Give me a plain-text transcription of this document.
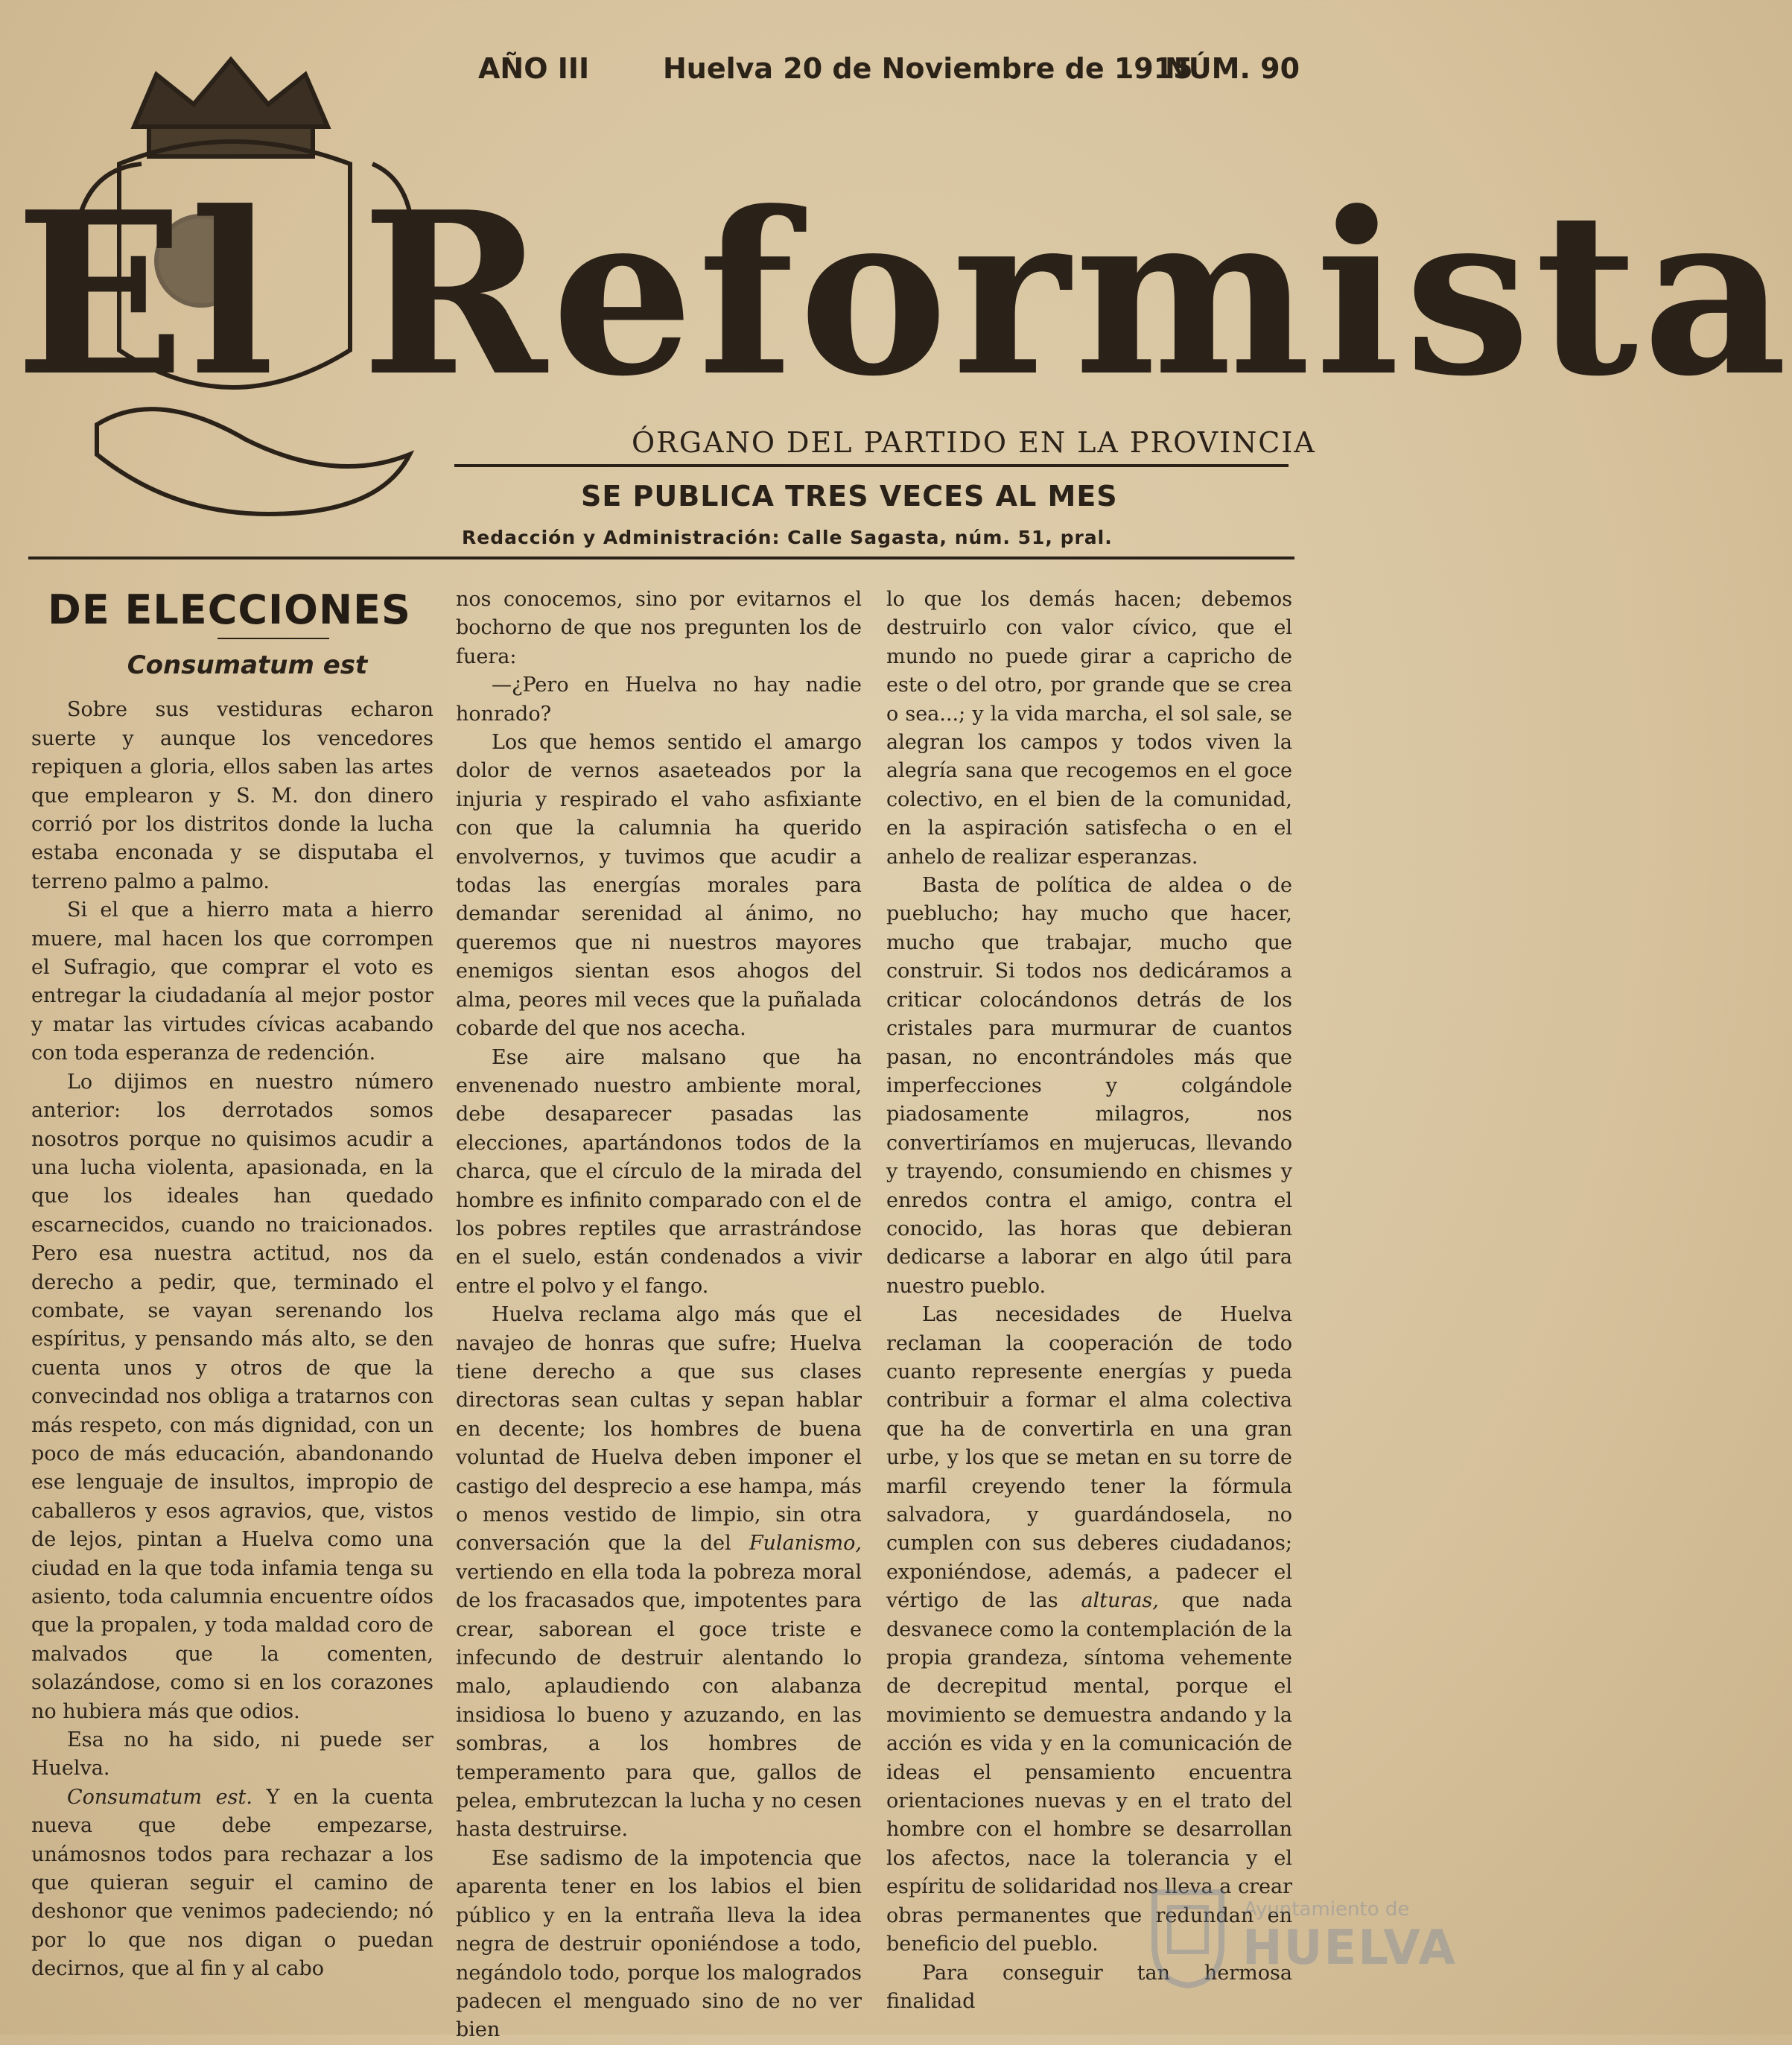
AÑO III	Huelva 20 de Noviembre de 1915
NÚM. 90
El Reformista
ÓRGANO DEL PARTIDO EN LA PROVINCIA
SE PUBLICA TRES VECES AL MES
Redacción y Administración: Calle Sagasta, núm. 51, pral.
DE ELECCIONES
Consumatum est

Sobre sus vestiduras echaron suerte y aunque los vencedores repiquen a gloria, ellos saben las artes que emplearon y S. M. don dinero corrió por los distritos donde la lucha estaba enconada y se disputaba el terreno palmo a palmo.

Si el que a hierro mata a hierro muere, mal hacen los que corrompen el Sufragio, que comprar el voto es entregar la ciudadanía al mejor postor y matar las virtudes cívicas acabando con toda esperanza de redención.

Lo dijimos en nuestro número anterior: los derrotados somos nosotros porque no quisimos acudir a una lucha violenta, apasionada, en la que los ideales han quedado escarnecidos, cuando no traicionados. Pero esa nuestra actitud, nos da derecho a pedir, que, terminado el combate, se vayan serenando los espíritus, y pensando más alto, se den cuenta unos y otros de que la convecindad nos obliga a tratarnos con más respeto, con más dignidad, con un poco de más educación, abandonando ese lenguaje de insultos, impropio de caballeros y esos agravios, que, vistos de lejos, pintan a Huelva como una ciudad en la que toda infamia tenga su asiento, toda calumnia encuentre oídos que la propalen, y toda maldad coro de malvados que la comenten, solazándose, como si en los corazones no hubiera más que odios.

Esa no ha sido, ni puede ser Huelva.

Consumatum est. Y en la cuenta nueva que debe empezarse, unámosnos todos para rechazar a los que quieran seguir el camino de deshonor que venimos padeciendo; nó por lo que nos digan o puedan decirnos, que al fin y al cabo

nos conocemos, sino por evitarnos el bochorno de que nos pregunten los de fuera:

—¿Pero en Huelva no hay nadie honrado?

Los que hemos sentido el amargo dolor de vernos asaeteados por la injuria y respirado el vaho asfixiante con que la calumnia ha querido envolvernos, y tuvimos que acudir a todas las energías morales para demandar serenidad al ánimo, no queremos que ni nuestros mayores enemigos sientan esos ahogos del alma, peores mil veces que la puñalada cobarde del que nos acecha.

Ese aire malsano que ha envenenado nuestro ambiente moral, debe desaparecer pasadas las elecciones, apartándonos todos de la charca, que el círculo de la mirada del hombre es infinito comparado con el de los pobres reptiles que arrastrándose en el suelo, están condenados a vivir entre el polvo y el fango.

Huelva reclama algo más que el navajeo de honras que sufre; Huelva tiene derecho a que sus clases directoras sean cultas y sepan hablar en decente; los hombres de buena voluntad de Huelva deben imponer el castigo del desprecio a ese hampa, más o menos vestido de limpio, sin otra conversación que la del Fulanismo, vertiendo en ella toda la pobreza moral de los fracasados que, impotentes para crear, saborean el goce triste e infecundo de destruir alentando lo malo, aplaudiendo con alabanza insidiosa lo bueno y azuzando, en las sombras, a los hombres de temperamento para que, gallos de pelea, embrutezcan la lucha y no cesen hasta destruirse.

Ese sadismo de la impotencia que aparenta tener en los labios el bien público y en la entraña lleva la idea negra de destruir oponiéndose a todo, negándolo todo, porque los malogrados padecen el menguado sino de no ver bien

lo que los demás hacen; debemos destruirlo con valor cívico, que el mundo no puede girar a capricho de este o del otro, por grande que se crea o sea...; y la vida marcha, el sol sale, se alegran los campos y todos viven la alegría sana que recogemos en el goce colectivo, en el bien de la comunidad, en la aspiración satisfecha o en el anhelo de realizar esperanzas.

Basta de política de aldea o de pueblucho; hay mucho que hacer, mucho que trabajar, mucho que construir. Si todos nos dedicáramos a criticar colocándonos detrás de los cristales para murmurar de cuantos pasan, no encontrándoles más que imperfecciones y colgándole piadosamente milagros, nos convertiríamos en mujerucas, llevando y trayendo, consumiendo en chismes y enredos contra el amigo, contra el conocido, las horas que debieran dedicarse a laborar en algo útil para nuestro pueblo.

Las necesidades de Huelva reclaman la cooperación de todo cuanto represente energías y pueda contribuir a formar el alma colectiva que ha de convertirla en una gran urbe, y los que se metan en su torre de marfil creyendo tener la fórmula salvadora, y guardándosela, no cumplen con sus deberes ciudadanos; exponiéndose, además, a padecer el vértigo de las alturas, que nada desvanece como la contemplación de la propia grandeza, síntoma vehemente de decrepitud mental, porque el movimiento se demuestra andando y la acción es vida y en la comunicación de ideas el pensamiento encuentra orientaciones nuevas y en el trato del hombre con el hombre se desarrollan los afectos, nace la tolerancia y el espíritu de solidaridad nos lleva a crear obras permanentes que redundan en beneficio del pueblo.

Para conseguir tan hermosa finalidad

Ayuntamiento de
HUELVA
